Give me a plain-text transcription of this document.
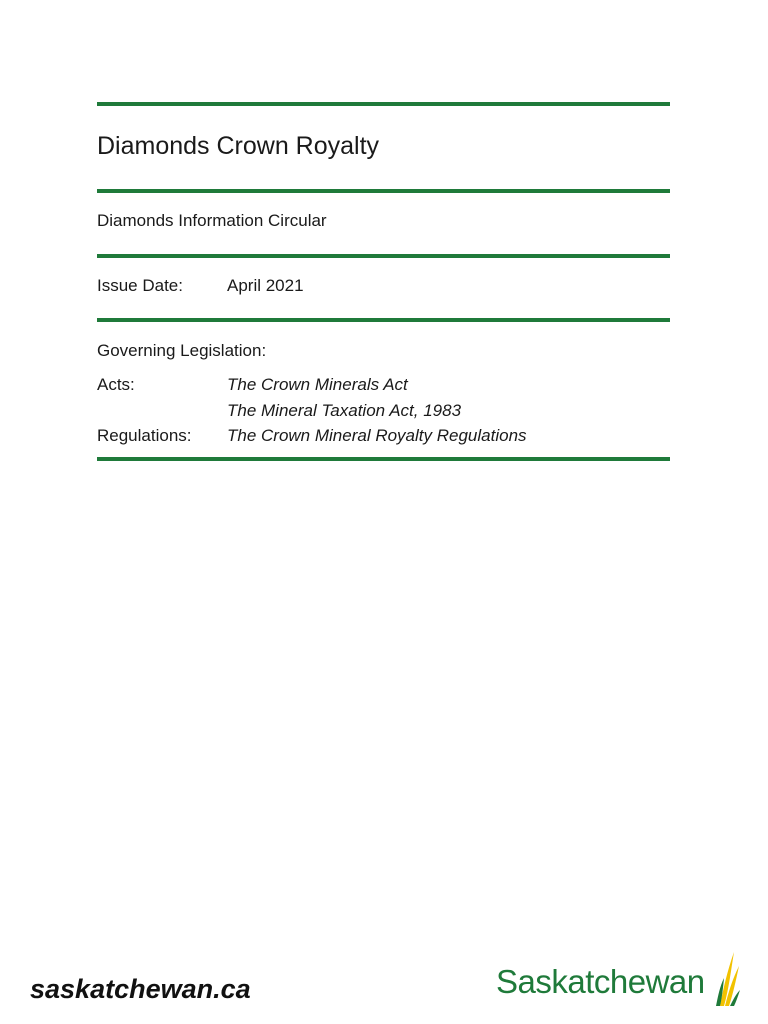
Diamonds Crown Royalty
Diamonds Information Circular
Issue Date:	April 2021
Governing Legislation:
Acts:	The Crown Minerals Act
The Mineral Taxation Act, 1983
Regulations: The Crown Mineral Royalty Regulations
saskatchewan.ca	Saskatchewan
